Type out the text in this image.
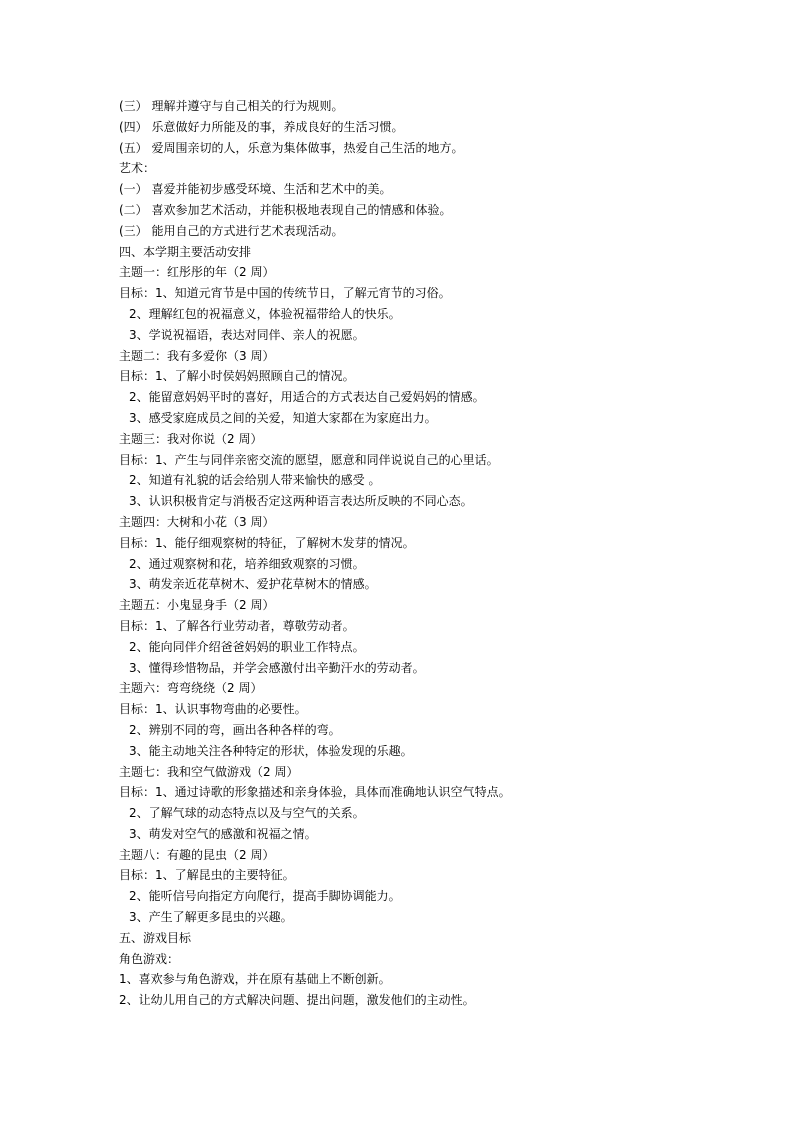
(三） 理解并遵守与自己相关的行为规则。
(四） 乐意做好力所能及的事，养成良好的生活习惯。
(五） 爱周围亲切的人，乐意为集体做事，热爱自己生活的地方。
艺术：
(一） 喜爱并能初步感受环境、生活和艺术中的美。
(二） 喜欢参加艺术活动，并能积极地表现自己的情感和体验。
(三） 能用自己的方式进行艺术表现活动。
四、本学期主要活动安排
主题一：红彤彤的年（2 周）
目标：1、知道元宵节是中国的传统节日，了解元宵节的习俗。
2、理解红包的祝福意义，体验祝福带给人的快乐。
3、学说祝福语，表达对同伴、亲人的祝愿。
主题二：我有多爱你（3 周）
目标：1、了解小时侯妈妈照顾自己的情况。
2、能留意妈妈平时的喜好，用适合的方式表达自己爱妈妈的情感。
3、感受家庭成员之间的关爱，知道大家都在为家庭出力。
主题三：我对你说（2 周）
目标：1、产生与同伴亲密交流的愿望，愿意和同伴说说自己的心里话。
2、知道有礼貌的话会给别人带来愉快的感受 。
3、认识积极肯定与消极否定这两种语言表达所反映的不同心态。
主题四：大树和小花（3 周）
目标：1、能仔细观察树的特征，了解树木发芽的情况。
2、通过观察树和花，培养细致观察的习惯。
3、萌发亲近花草树木、爱护花草树木的情感。
主题五：小鬼显身手（2 周）
目标：1、了解各行业劳动者，尊敬劳动者。
2、能向同伴介绍爸爸妈妈的职业工作特点。
3、懂得珍惜物品，并学会感激付出辛勤汗水的劳动者。
主题六：弯弯绕绕（2 周）
目标：1、认识事物弯曲的必要性。
2、辨别不同的弯，画出各种各样的弯。
3、能主动地关注各种特定的形状，体验发现的乐趣。
主题七：我和空气做游戏（2 周）
目标：1、通过诗歌的形象描述和亲身体验，具体而准确地认识空气特点。
2、了解气球的动态特点以及与空气的关系。
3、萌发对空气的感激和祝福之情。
主题八：有趣的昆虫（2 周）
目标：1、了解昆虫的主要特征。
2、能听信号向指定方向爬行，提高手脚协调能力。
3、产生了解更多昆虫的兴趣。
五、游戏目标
角色游戏：
1、喜欢参与角色游戏，并在原有基础上不断创新。
2、让幼儿用自己的方式解决问题、提出问题，激发他们的主动性。
